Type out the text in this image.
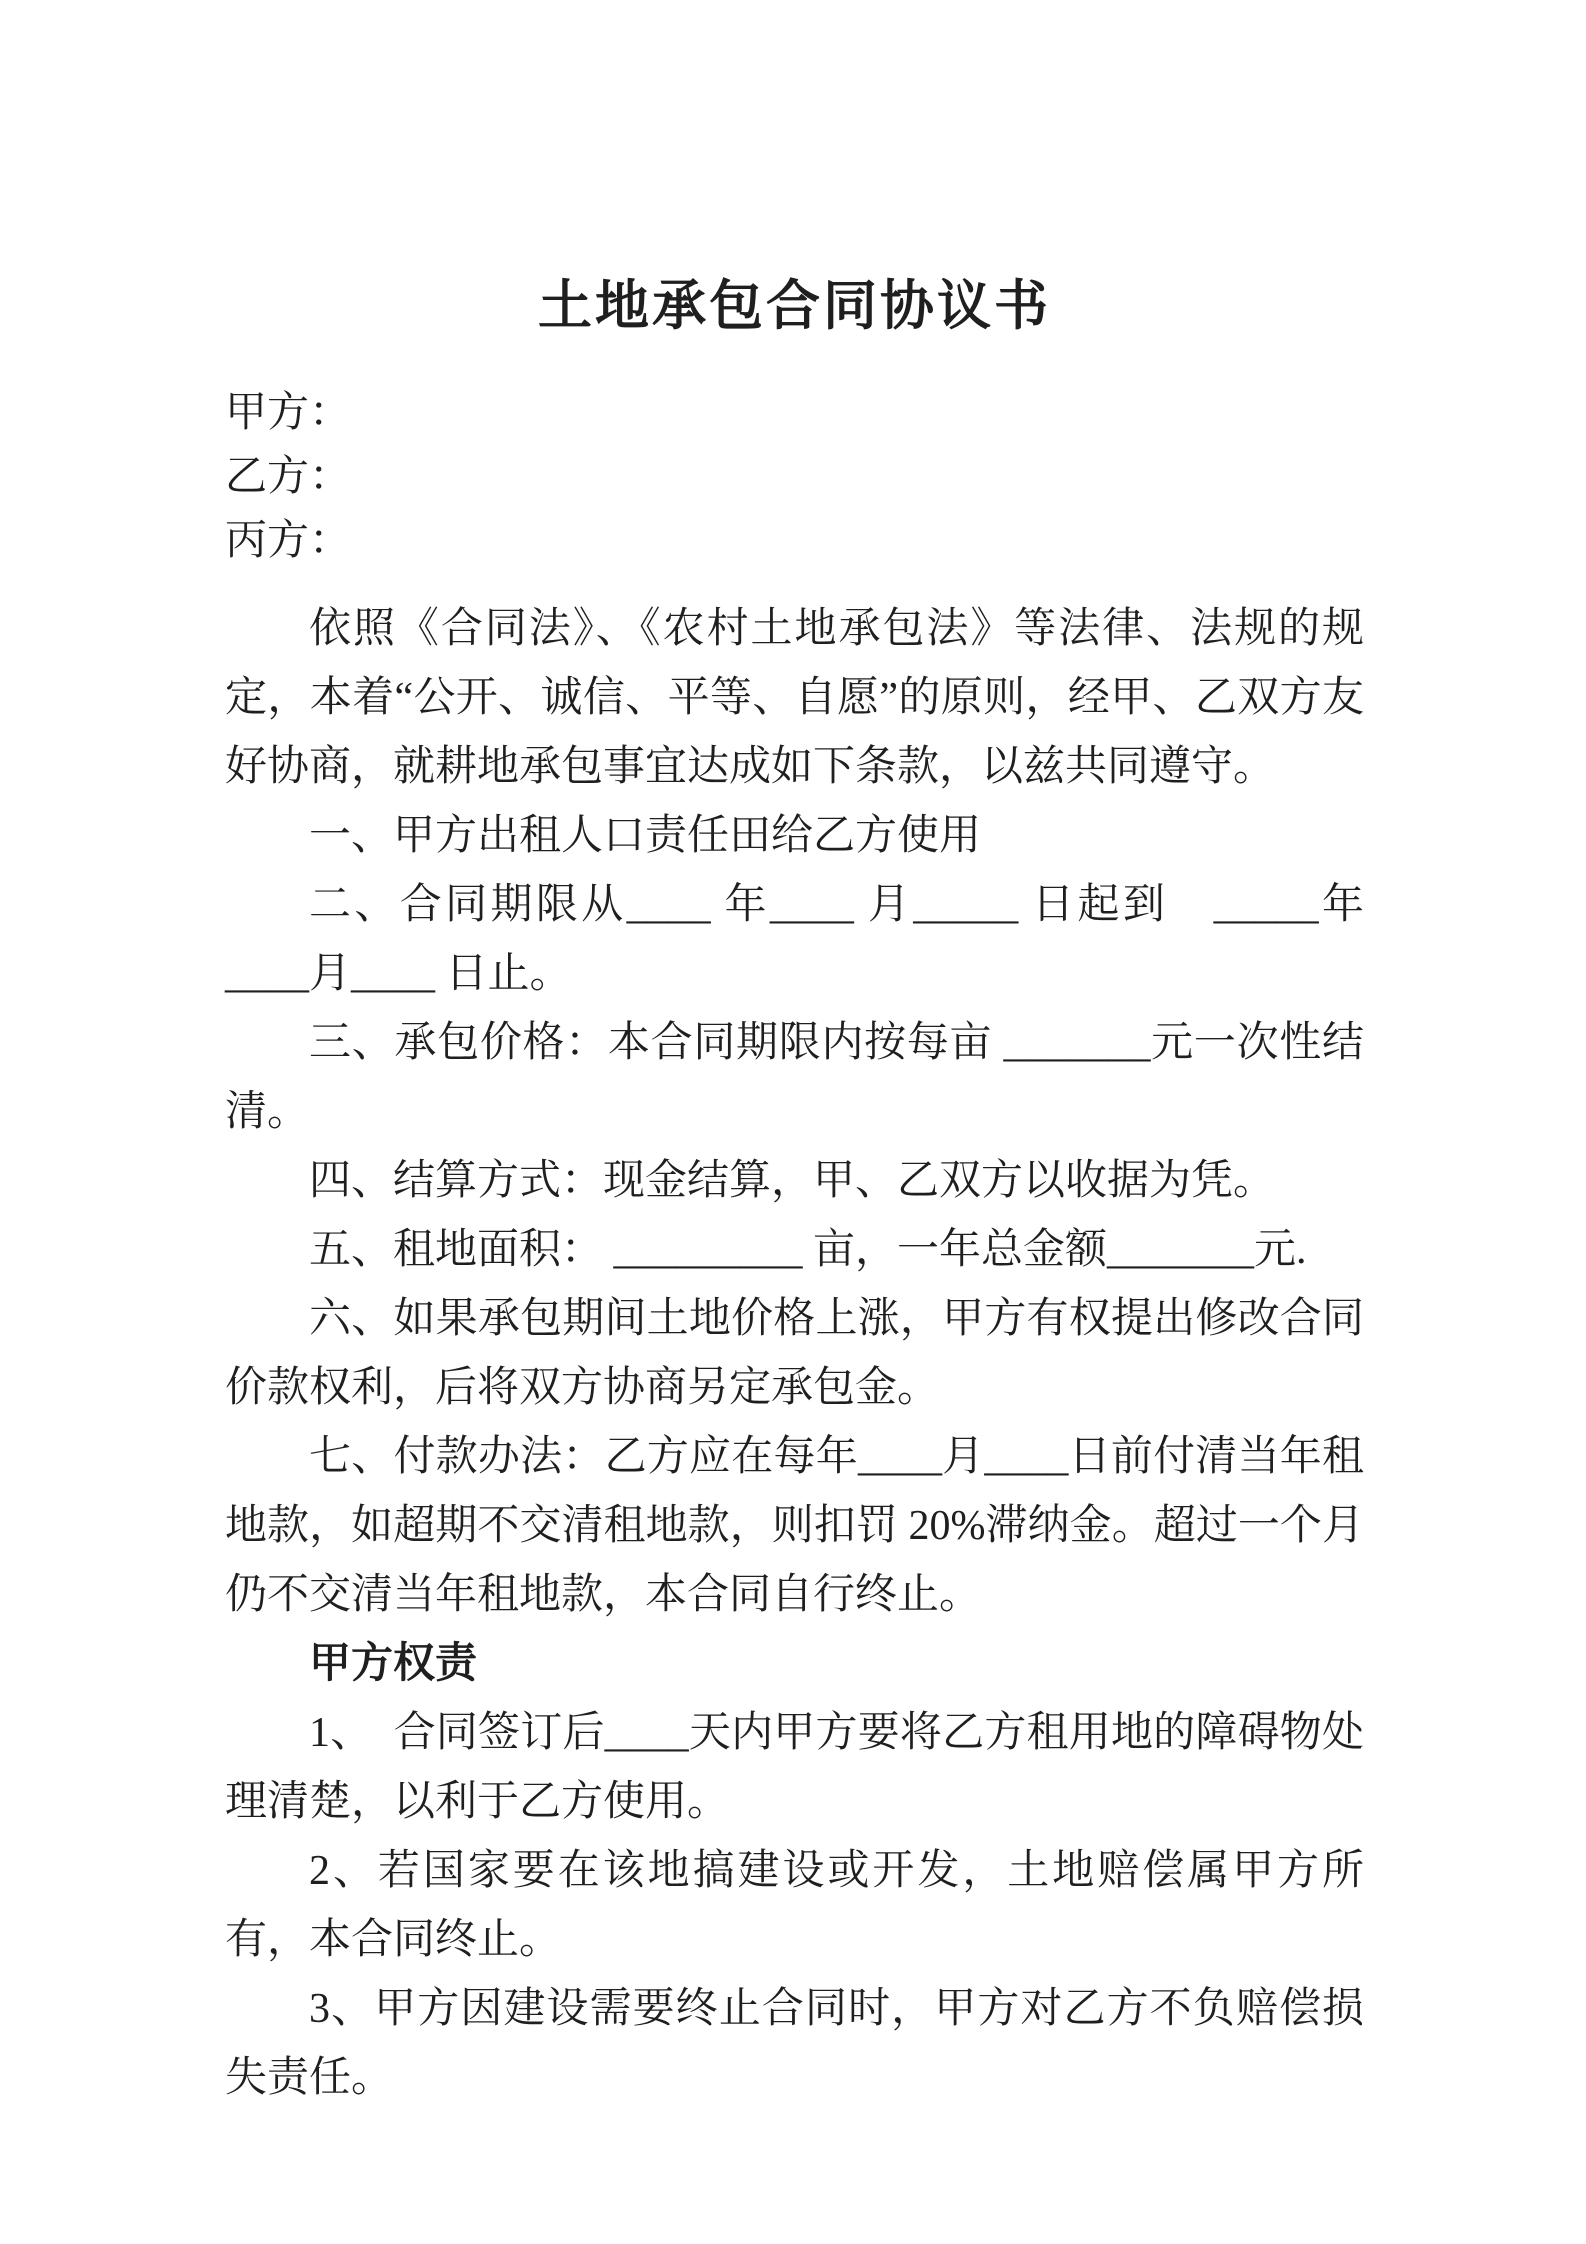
土地承包合同协议书

甲方：

乙方：

丙方：

依照《合同法》、《农村土地承包法》等法律、法规的规定，本着“公开、诚信、平等、自愿”的原则，经甲、乙双方友好协商，就耕地承包事宜达成如下条款，以兹共同遵守。

一、甲方出租人口责任田给乙方使用

二、合同期限从____ 年____ 月_____ 日起到　_____年 ____月____ 日止。

三、承包价格：本合同期限内按每亩 _______元一次性结清。

四、结算方式：现金结算，甲、乙双方以收据为凭。

五、租地面积： _________ 亩，一年总金额_______元.

六、如果承包期间土地价格上涨，甲方有权提出修改合同价款权利，后将双方协商另定承包金。

七、付款办法：乙方应在每年____月____日前付清当年租地款，如超期不交清租地款，则扣罚 20%滞纳金。超过一个月仍不交清当年租地款，本合同自行终止。

甲方权责

1、　合同签订后____天内甲方要将乙方租用地的障碍物处理清楚，以利于乙方使用。

2、若国家要在该地搞建设或开发，土地赔偿属甲方所有，本合同终止。

3、甲方因建设需要终止合同时，甲方对乙方不负赔偿损失责任。
